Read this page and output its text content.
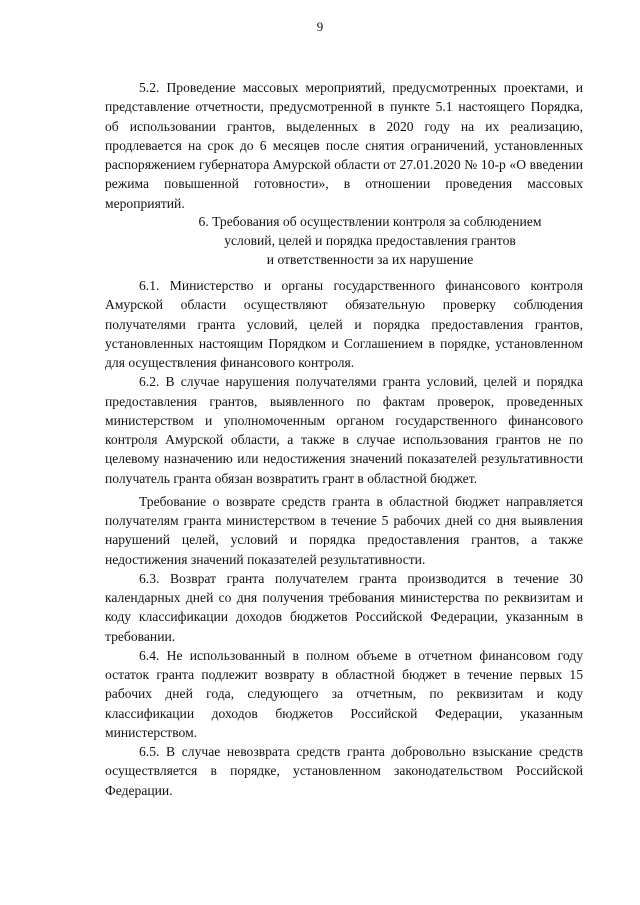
9

5.2. Проведение массовых мероприятий, предусмотренных проектами, и представление отчетности, предусмотренной в пункте 5.1 настоящего Порядка, об использовании грантов, выделенных в 2020 году на их реализацию, продлевается на срок до 6 месяцев после снятия ограничений, установленных распоряжением губернатора Амурской области от 27.01.2020 № 10-р «О введении режима повышенной готовности», в отношении проведения массовых мероприятий.

6. Требования об осуществлении контроля за соблюдением
условий, целей и порядка предоставления грантов
и ответственности за их нарушение

6.1. Министерство и органы государственного финансового контроля Амурской области осуществляют обязательную проверку соблюдения получателями гранта условий, целей и порядка предоставления грантов, установленных настоящим Порядком и Соглашением в порядке, установленном для осуществления финансового контроля.

6.2. В случае нарушения получателями гранта условий, целей и порядка предоставления грантов, выявленного по фактам проверок, проведенных министерством и уполномоченным органом государственного финансового контроля Амурской области, а также в случае использования грантов не по целевому назначению или недостижения значений показателей результативности получатель гранта обязан возвратить грант в областной бюджет.

Требование о возврате средств гранта в областной бюджет направляется получателям гранта министерством в течение 5 рабочих дней со дня выявления нарушений целей, условий и порядка предоставления грантов, а также недостижения значений показателей результативности.

6.3. Возврат гранта получателем гранта производится в течение 30 календарных дней со дня получения требования министерства по реквизитам и коду классификации доходов бюджетов Российской Федерации, указанным в требовании.

6.4. Не использованный в полном объеме в отчетном финансовом году остаток гранта подлежит возврату в областной бюджет в течение первых 15 рабочих дней года, следующего за отчетным, по реквизитам и коду классификации доходов бюджетов Российской Федерации, указанным министерством.

6.5. В случае невозврата средств гранта добровольно взыскание средств осуществляется в порядке, установленном законодательством Российской Федерации.
